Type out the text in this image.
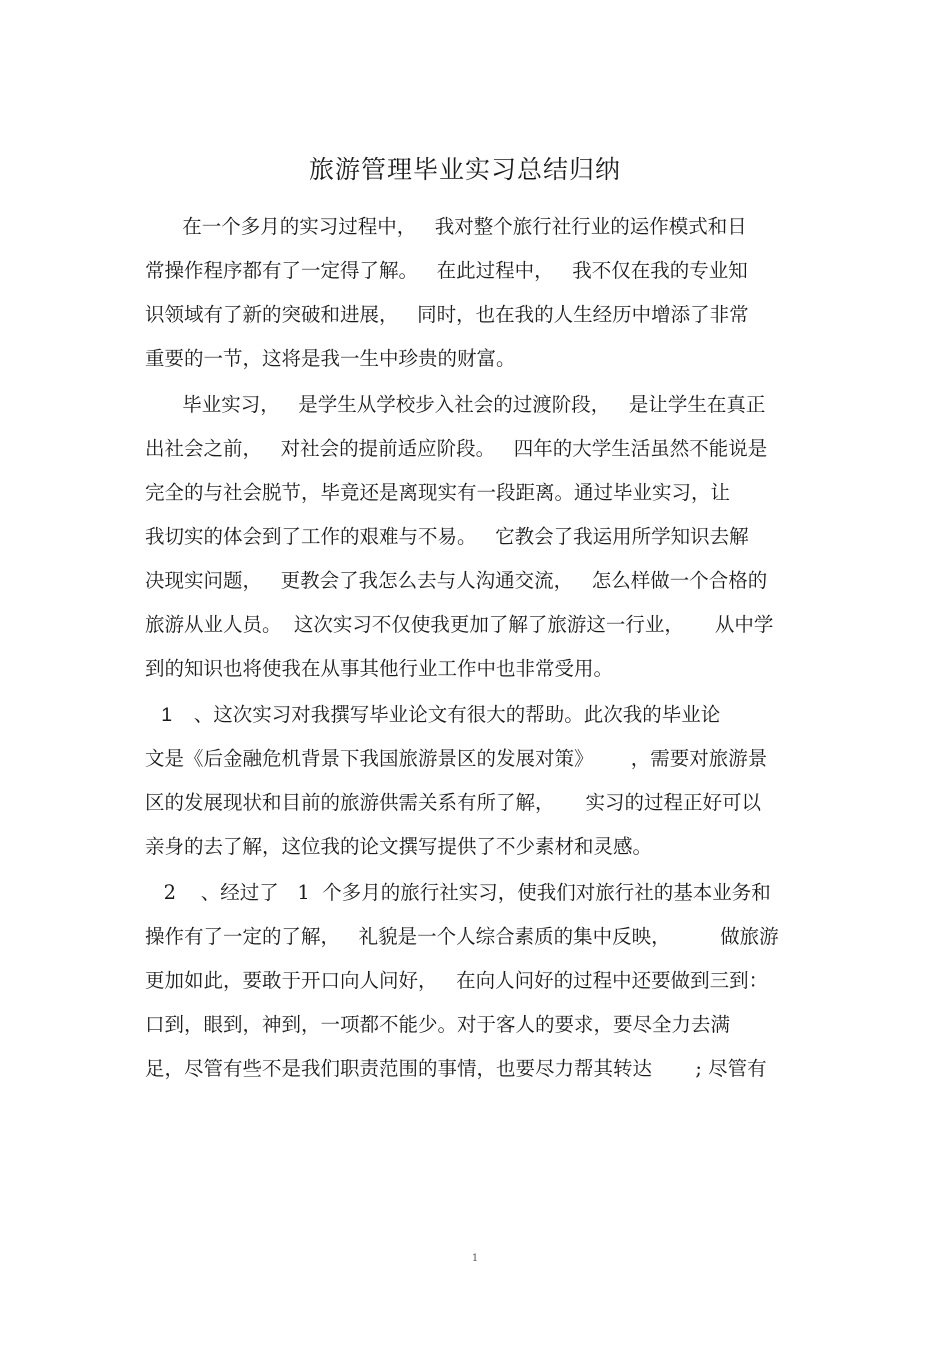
旅游管理毕业实习总结归纳
在一个多月的实习过程中，   我对整个旅行社行业的运作模式和日
常操作程序都有了一定得了解。   在此过程中，   我不仅在我的专业知
识领域有了新的突破和进展，   同时，也在我的人生经历中增添了非常
重要的一节，这将是我一生中珍贵的财富。
毕业实习，   是学生从学校步入社会的过渡阶段，   是让学生在真正
出社会之前，   对社会的提前适应阶段。   四年的大学生活虽然不能说是
完全的与社会脱节，毕竟还是离现实有一段距离。通过毕业实习，让
我切实的体会到了工作的艰难与不易。   它教会了我运用所学知识去解
决现实问题，   更教会了我怎么去与人沟通交流，   怎么样做一个合格的
旅游从业人员。  这次实习不仅使我更加了解了旅游这一行业，     从中学
到的知识也将使我在从事其他行业工作中也非常受用。
1    、这次实习对我撰写毕业论文有很大的帮助。此次我的毕业论
文是《后金融危机背景下我国旅游景区的发展对策》      ，需要对旅游景
区的发展现状和目前的旅游供需关系有所了解，     实习的过程正好可以
亲身的去了解，这位我的论文撰写提供了不少素材和灵感。
2    、经过了   1  个多月的旅行社实习，使我们对旅行社的基本业务和
操作有了一定的了解，   礼貌是一个人综合素质的集中反映，        做旅游
更加如此，要敢于开口向人问好，   在向人问好的过程中还要做到三到：
口到，眼到，神到，一项都不能少。对于客人的要求，要尽全力去满
足，尽管有些不是我们职责范围的事情，也要尽力帮其转达       ; 尽管有
1
